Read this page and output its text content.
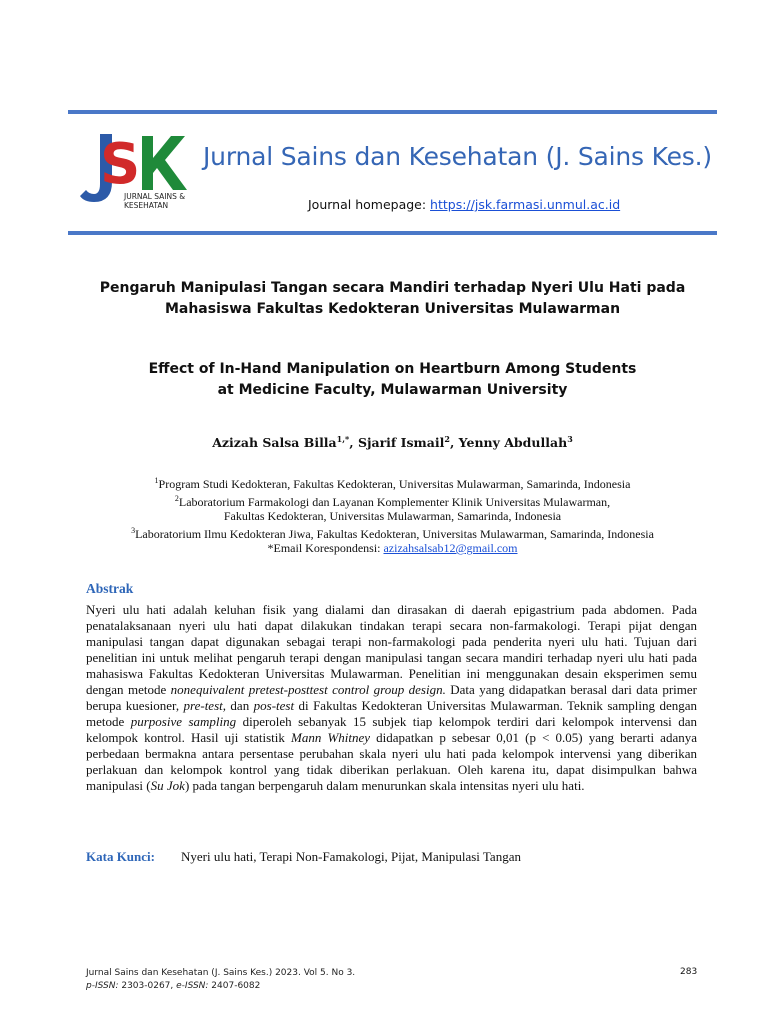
S
JURNAL SAINS &
KESEHATAN
Jurnal Sains dan Kesehatan (J. Sains Kes.)
Journal homepage: https://jsk.farmasi.unmul.ac.id
Pengaruh Manipulasi Tangan secara Mandiri terhadap Nyeri Ulu Hati pada
Mahasiswa Fakultas Kedokteran Universitas Mulawarman
Effect of In-Hand Manipulation on Heartburn Among Students
at Medicine Faculty, Mulawarman University
Azizah Salsa Billa$^{1,*}$, Sjarif Ismail$^2$, Yenny Abdullah$^3$
$^1$Program Studi Kedokteran, Fakultas Kedokteran, Universitas Mulawarman, Samarinda, Indonesia
$^2$Laboratorium Farmakologi dan Layanan Komplementer Klinik Universitas Mulawarman,
Fakultas Kedokteran, Universitas Mulawarman, Samarinda, Indonesia
$^3$Laboratorium Ilmu Kedokteran Jiwa, Fakultas Kedokteran, Universitas Mulawarman, Samarinda, Indonesia
*Email Korespondensi: azizahsalsab12@gmail.com
Abstrak
Nyeri ulu hati adalah keluhan fisik yang dialami dan dirasakan di daerah epigastrium pada abdomen. Pada penatalaksanaan nyeri ulu hati dapat dilakukan tindakan terapi secara non-farmakologi. Terapi pijat dengan manipulasi tangan dapat digunakan sebagai terapi non-farmakologi pada penderita nyeri ulu hati. Tujuan dari penelitian ini untuk melihat pengaruh terapi dengan manipulasi tangan secara mandiri terhadap nyeri ulu hati pada mahasiswa Fakultas Kedokteran Universitas Mulawarman. Penelitian ini menggunakan desain eksperimen semu dengan metode nonequivalent pretest-posttest control group design. Data yang didapatkan berasal dari data primer berupa kuesioner, pre-test, dan pos-test di Fakultas Kedokteran Universitas Mulawarman. Teknik sampling dengan metode purposive sampling diperoleh sebanyak 15 subjek tiap kelompok terdiri dari kelompok intervensi dan kelompok kontrol. Hasil uji statistik Mann Whitney didapatkan p sebesar 0,01 (p < 0.05) yang berarti adanya perbedaan bermakna antara persentase perubahan skala nyeri ulu hati pada kelompok intervensi yang diberikan perlakuan dan kelompok kontrol yang tidak diberikan perlakuan. Oleh karena itu, dapat disimpulkan bahwa manipulasi (Su Jok) pada tangan berpengaruh dalam menurunkan skala intensitas nyeri ulu hati.
Kata Kunci: Nyeri ulu hati, Terapi Non-Famakologi, Pijat, Manipulasi Tangan
Jurnal Sains dan Kesehatan (J. Sains Kes.) 2023. Vol 5. No 3.
p-ISSN: 2303-0267, e-ISSN: 2407-6082
283
